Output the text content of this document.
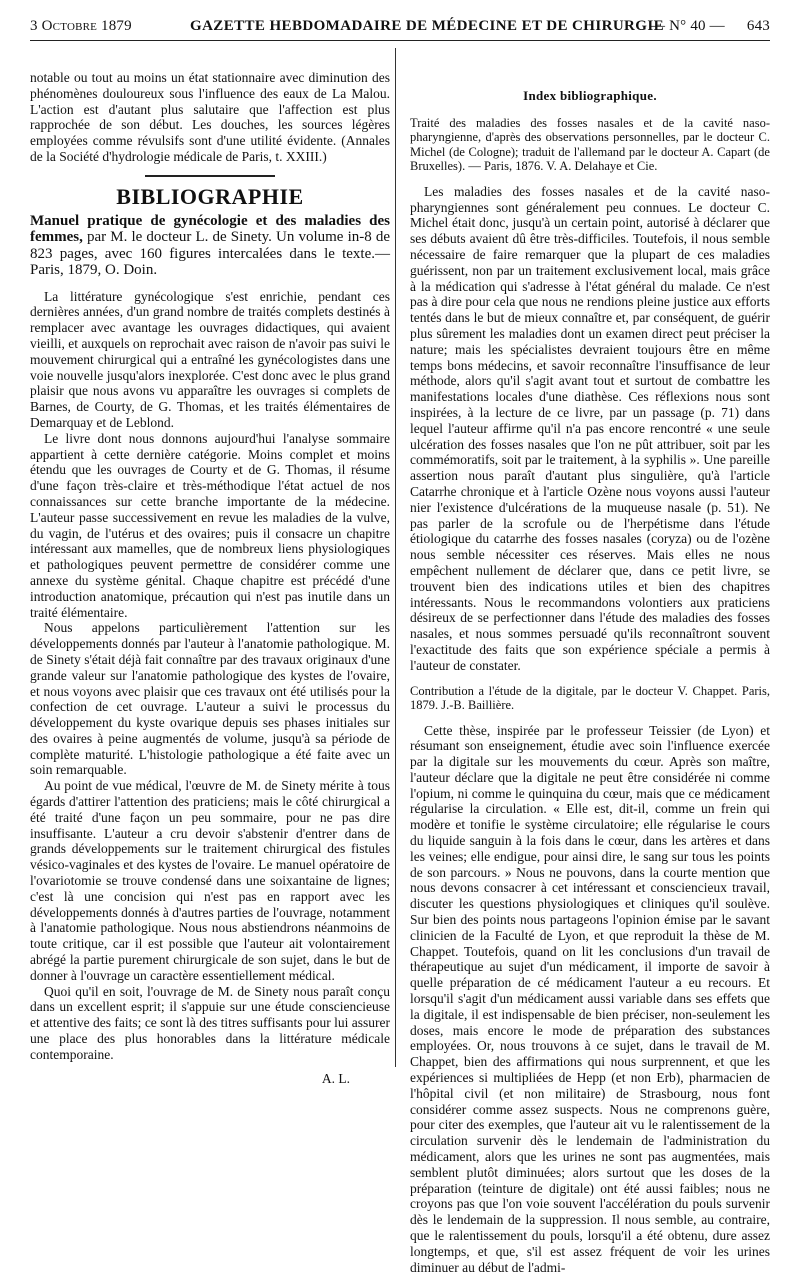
3 Octobre 1879	GAZETTE HEBDOMADAIRE DE MÉDECINE ET DE CHIRURGIE
— N° 40 — 643

notable ou tout au moins un état stationnaire avec diminution des phénomènes douloureux sous l'influence des eaux de La Malou. L'action est d'autant plus salutaire que l'affection est plus rapprochée de son début. Les douches, les sources légères employées comme révulsifs sont d'une utilité évidente. (Annales de la Société d'hydrologie médicale de Paris, t. XXIII.)

BIBLIOGRAPHIE

Manuel pratique de gynécologie et des maladies des femmes, par M. le docteur L. de Sinety. Un volume in-8 de 823 pages, avec 160 figures intercalées dans le texte.— Paris, 1879, O. Doin.

La littérature gynécologique s'est enrichie, pendant ces dernières années, d'un grand nombre de traités complets destinés à remplacer avec avantage les ouvrages didactiques, qui avaient vieilli, et auxquels on reprochait avec raison de n'avoir pas suivi le mouvement chirurgical qui a entraîné les gynécologistes dans une voie nouvelle jusqu'alors inexplorée. C'est donc avec le plus grand plaisir que nous avons vu apparaître les ouvrages si complets de Barnes, de Courty, de G. Thomas, et les traités élémentaires de Demarquay et de Leblond.

Le livre dont nous donnons aujourd'hui l'analyse sommaire appartient à cette dernière catégorie. Moins complet et moins étendu que les ouvrages de Courty et de G. Thomas, il résume d'une façon très-claire et très-méthodique l'état actuel de nos connaissances sur cette branche importante de la médecine. L'auteur passe successivement en revue les maladies de la vulve, du vagin, de l'utérus et des ovaires; puis il consacre un chapitre intéressant aux mamelles, que de nombreux liens physiologiques et pathologiques peuvent permettre de considérer comme une annexe du système génital. Chaque chapitre est précédé d'une introduction anatomique, précaution qui n'est pas inutile dans un traité élémentaire.

Nous appelons particulièrement l'attention sur les développements donnés par l'auteur à l'anatomie pathologique. M. de Sinety s'était déjà fait connaître par des travaux originaux d'une grande valeur sur l'anatomie pathologique des kystes de l'ovaire, et nous voyons avec plaisir que ces travaux ont été utilisés pour la confection de cet ouvrage. L'auteur a suivi le processus du développement du kyste ovarique depuis ses phases initiales sur des ovaires à peine augmentés de volume, jusqu'à sa période de complète maturité. L'histologie pathologique a été faite avec un soin remarquable.

Au point de vue médical, l'œuvre de M. de Sinety mérite à tous égards d'attirer l'attention des praticiens; mais le côté chirurgical a été traité d'une façon un peu sommaire, pour ne pas dire insuffisante. L'auteur a cru devoir s'abstenir d'entrer dans de grands développements sur le traitement chirurgical des fistules vésico-vaginales et des kystes de l'ovaire. Le manuel opératoire de l'ovariotomie se trouve condensé dans une soixantaine de lignes; c'est là une concision qui n'est pas en rapport avec les développements donnés à d'autres parties de l'ouvrage, notamment à l'anatomie pathologique. Nous nous abstiendrons néanmoins de toute critique, car il est possible que l'auteur ait volontairement abrégé la partie purement chirurgicale de son sujet, dans le but de donner à l'ouvrage un caractère essentiellement médical.

Quoi qu'il en soit, l'ouvrage de M. de Sinety nous paraît conçu dans un excellent esprit; il s'appuie sur une étude consciencieuse et attentive des faits; ce sont là des titres suffisants pour lui assurer une place des plus honorables dans la littérature médicale contemporaine.

A. L.

Index bibliographique.

Traité des maladies des fosses nasales et de la cavité naso-pharyngienne, d'après des observations personnelles, par le docteur C. Michel (de Cologne); traduit de l'allemand par le docteur A. Capart (de Bruxelles). — Paris, 1876. V. A. Delahaye et Cie.

Les maladies des fosses nasales et de la cavité naso-pharyngiennes sont généralement peu connues. Le docteur C. Michel était donc, jusqu'à un certain point, autorisé à déclarer que ses débuts avaient dû être très-difficiles. Toutefois, il nous semble nécessaire de faire remarquer que la plupart de ces maladies guérissent, non par un traitement exclusivement local, mais grâce à la médication qui s'adresse à l'état général du malade. Ce n'est pas à dire pour cela que nous ne rendions pleine justice aux efforts tentés dans le but de mieux connaître et, par conséquent, de guérir plus sûrement les maladies dont un examen direct peut préciser la nature; mais les spécialistes devraient toujours être en même temps bons médecins, et savoir reconnaître l'insuffisance de leur méthode, alors qu'il s'agit avant tout et surtout de combattre les manifestations locales d'une diathèse. Ces réflexions nous sont inspirées, à la lecture de ce livre, par un passage (p. 71) dans lequel l'auteur affirme qu'il n'a pas encore rencontré « une seule ulcération des fosses nasales que l'on ne pût attribuer, soit par les commémoratifs, soit par le traitement, à la syphilis ». Une pareille assertion nous paraît d'autant plus singulière, qu'à l'article Catarrhe chronique et à l'article Ozène nous voyons aussi l'auteur nier l'existence d'ulcérations de la muqueuse nasale (p. 51). Ne pas parler de la scrofule ou de l'herpétisme dans l'étude étiologique du catarrhe des fosses nasales (coryza) ou de l'ozène nous semble nécessiter ces réserves. Mais elles ne nous empêchent nullement de déclarer que, dans ce petit livre, se trouvent bien des indications utiles et bien des chapitres intéressants. Nous le recommandons volontiers aux praticiens désireux de se perfectionner dans l'étude des maladies des fosses nasales, et nous sommes persuadé qu'ils reconnaîtront souvent l'exactitude des faits que son expérience spéciale a permis à l'auteur de constater.

Contribution a l'étude de la digitale, par le docteur V. Chappet. Paris, 1879. J.-B. Baillière.

Cette thèse, inspirée par le professeur Teissier (de Lyon) et résumant son enseignement, étudie avec soin l'influence exercée par la digitale sur les mouvements du cœur. Après son maître, l'auteur déclare que la digitale ne peut être considérée ni comme l'opium, ni comme le quinquina du cœur, mais que ce médicament régularise la circulation. « Elle est, dit-il, comme un frein qui modère et tonifie le système circulatoire; elle régularise le cours du liquide sanguin à la fois dans le cœur, dans les artères et dans les veines; elle endigue, pour ainsi dire, le sang sur tous les points de son parcours. » Nous ne pouvons, dans la courte mention que nous devons consacrer à cet intéressant et consciencieux travail, discuter les questions physiologiques et cliniques qu'il soulève. Sur bien des points nous partageons l'opinion émise par le savant clinicien de la Faculté de Lyon, et que reproduit la thèse de M. Chappet. Toutefois, quand on lit les conclusions d'un travail de thérapeutique au sujet d'un médicament, il importe de savoir à quelle préparation de cé médicament l'auteur a eu recours. Et lorsqu'il s'agit d'un médicament aussi variable dans ses effets que la digitale, il est indispensable de bien préciser, non-seulement les doses, mais encore le mode de préparation des substances employées. Or, nous trouvons à ce sujet, dans le travail de M. Chappet, bien des affirmations qui nous surprennent, et que les expériences si multipliées de Hepp (et non Erb), pharmacien de l'hôpital civil (et non militaire) de Strasbourg, nous font considérer comme assez suspects. Nous ne comprenons guère, pour citer des exemples, que l'auteur ait vu le ralentissement de la circulation survenir dès le lendemain de l'administration du médicament, alors que les urines ne sont pas augmentées, mais semblent plutôt diminuées; alors surtout que les doses de la préparation (teinture de digitale) ont été aussi faibles; nous ne croyons pas que l'on voie souvent l'accélération du pouls survenir dès le lendemain de la suppression. Il nous semble, au contraire, que le ralentissement du pouls, lorsqu'il a été obtenu, dure assez longtemps, et que, s'il est assez fréquent de voir les urines diminuer au début de l'admi-
